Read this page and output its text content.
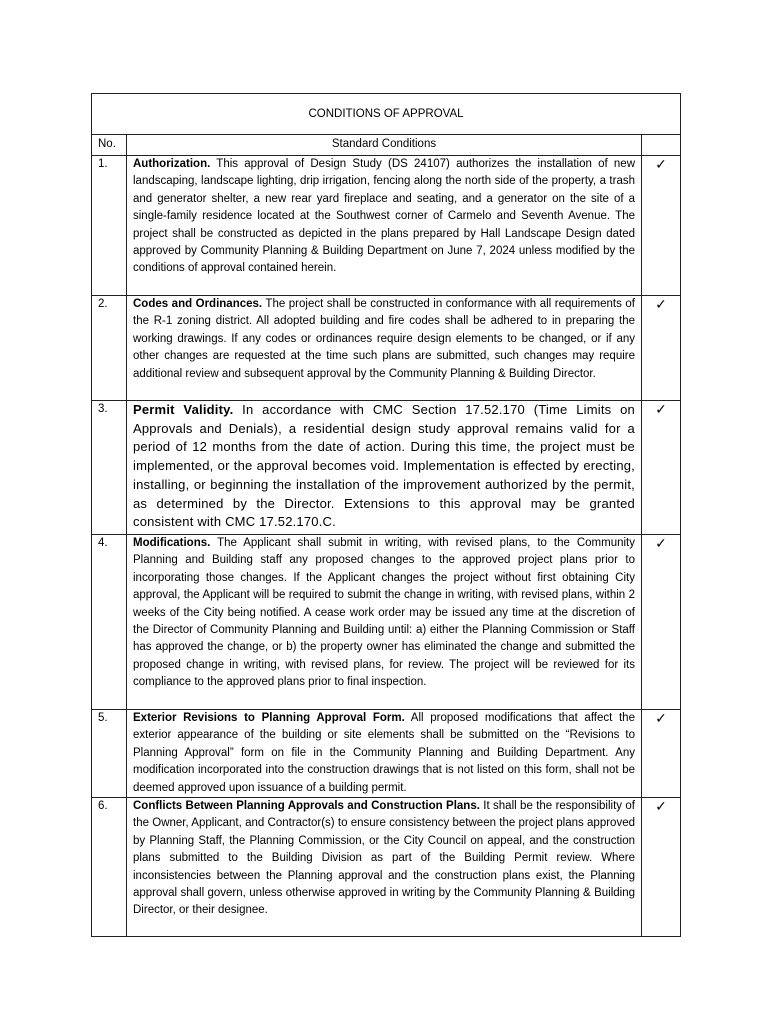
CONDITIONS OF APPROVAL		
No.	Standard Conditions	
1.	Authorization. This approval of Design Study (DS 24107) authorizes the installation of new landscaping, landscape lighting, drip irrigation, fencing along the north side of the property, a trash and generator shelter, a new rear yard fireplace and seating, and a generator on the site of a single-family residence located at the Southwest corner of Carmelo and Seventh Avenue. The project shall be constructed as depicted in the plans prepared by Hall Landscape Design dated approved by Community Planning & Building Department on June 7, 2024 unless modified by the conditions of approval contained herein.	✓
2.	Codes and Ordinances. The project shall be constructed in conformance with all requirements of the R-1 zoning district. All adopted building and fire codes shall be adhered to in preparing the working drawings. If any codes or ordinances require design elements to be changed, or if any other changes are requested at the time such plans are submitted, such changes may require additional review and subsequent approval by the Community Planning & Building Director.	✓
3.	Permit Validity. In accordance with CMC Section 17.52.170 (Time Limits on Approvals and Denials), a residential design study approval remains valid for a period of 12 months from the date of action. During this time, the project must be implemented, or the approval becomes void. Implementation is effected by erecting, installing, or beginning the installation of the improvement authorized by the permit, as determined by the Director. Extensions to this approval may be granted consistent with CMC 17.52.170.C.	✓
4.	Modifications. The Applicant shall submit in writing, with revised plans, to the Community Planning and Building staff any proposed changes to the approved project plans prior to incorporating those changes. If the Applicant changes the project without first obtaining City approval, the Applicant will be required to submit the change in writing, with revised plans, within 2 weeks of the City being notified. A cease work order may be issued any time at the discretion of the Director of Community Planning and Building until: a) either the Planning Commission or Staff has approved the change, or b) the property owner has eliminated the change and submitted the proposed change in writing, with revised plans, for review. The project will be reviewed for its compliance to the approved plans prior to final inspection.	✓
5.	Exterior Revisions to Planning Approval Form. All proposed modifications that affect the exterior appearance of the building or site elements shall be submitted on the “Revisions to Planning Approval” form on file in the Community Planning and Building Department. Any modification incorporated into the construction drawings that is not listed on this form, shall not be deemed approved upon issuance of a building permit.	✓
6.	Conflicts Between Planning Approvals and Construction Plans. It shall be the responsibility of the Owner, Applicant, and Contractor(s) to ensure consistency between the project plans approved by Planning Staff, the Planning Commission, or the City Council on appeal, and the construction plans submitted to the Building Division as part of the Building Permit review. Where inconsistencies between the Planning approval and the construction plans exist, the Planning approval shall govern, unless otherwise approved in writing by the Community Planning & Building Director, or their designee.	✓
